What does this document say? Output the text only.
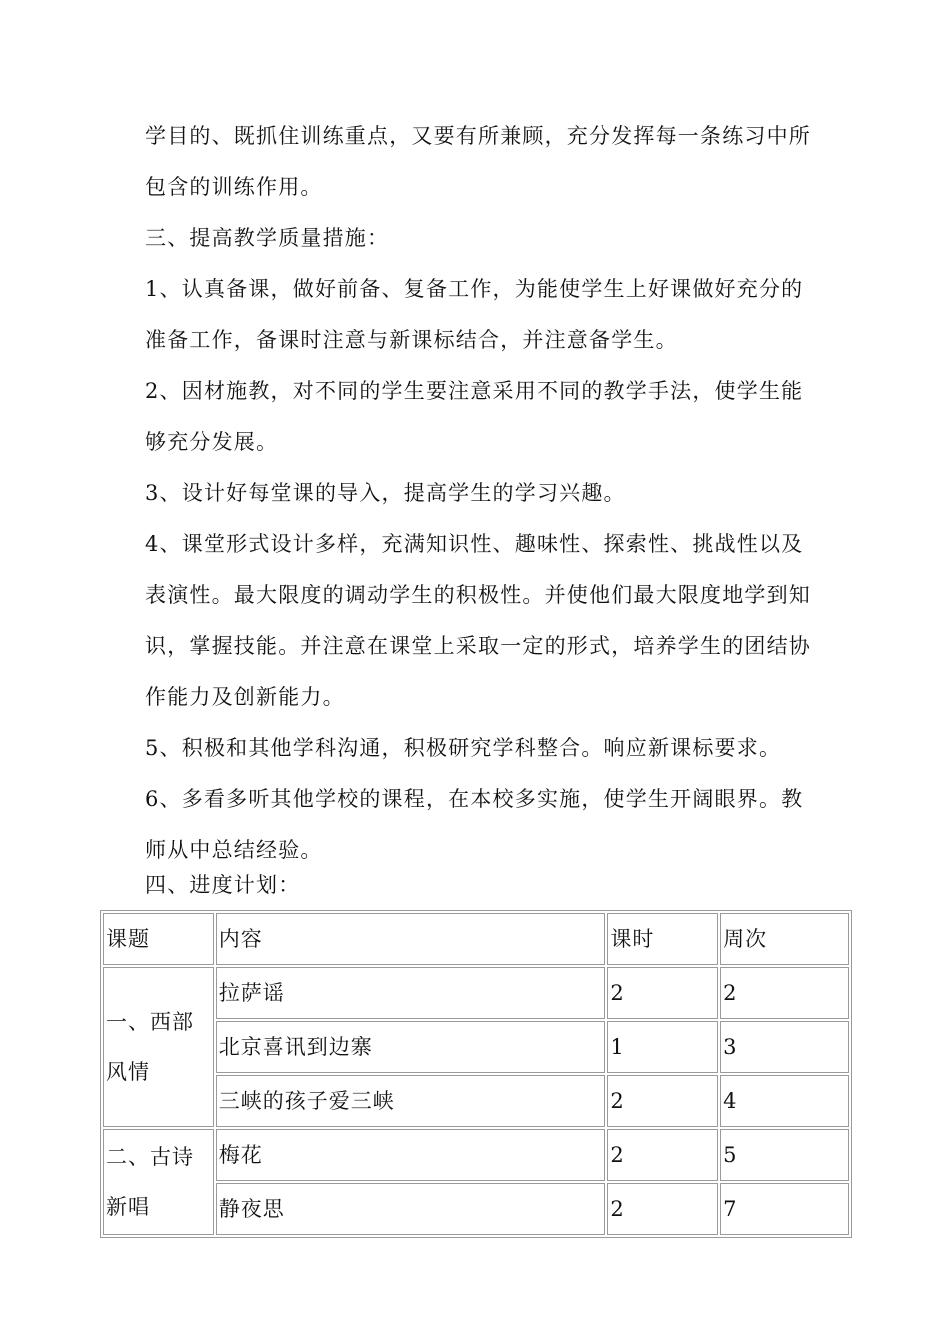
学目的、既抓住训练重点，又要有所兼顾，充分发挥每一条练习中所
包含的训练作用。
三、提高教学质量措施：
1、认真备课，做好前备、复备工作，为能使学生上好课做好充分的
准备工作，备课时注意与新课标结合，并注意备学生。
2、因材施教，对不同的学生要注意采用不同的教学手法，使学生能
够充分发展。
3、设计好每堂课的导入，提高学生的学习兴趣。
4、课堂形式设计多样，充满知识性、趣味性、探索性、挑战性以及
表演性。最大限度的调动学生的积极性。并使他们最大限度地学到知
识，掌握技能。并注意在课堂上采取一定的形式，培养学生的团结协
作能力及创新能力。
5、积极和其他学科沟通，积极研究学科整合。响应新课标要求。
6、多看多听其他学校的课程，在本校多实施，使学生开阔眼界。教
师从中总结经验。
四、进度计划：
课题	内容	课时	周次
一、西部风情	拉萨谣	2	2
	北京喜讯到边寨	1	3
	三峡的孩子爱三峡	2	4
二、古诗新唱	梅花	2	5
	静夜思	2	7
